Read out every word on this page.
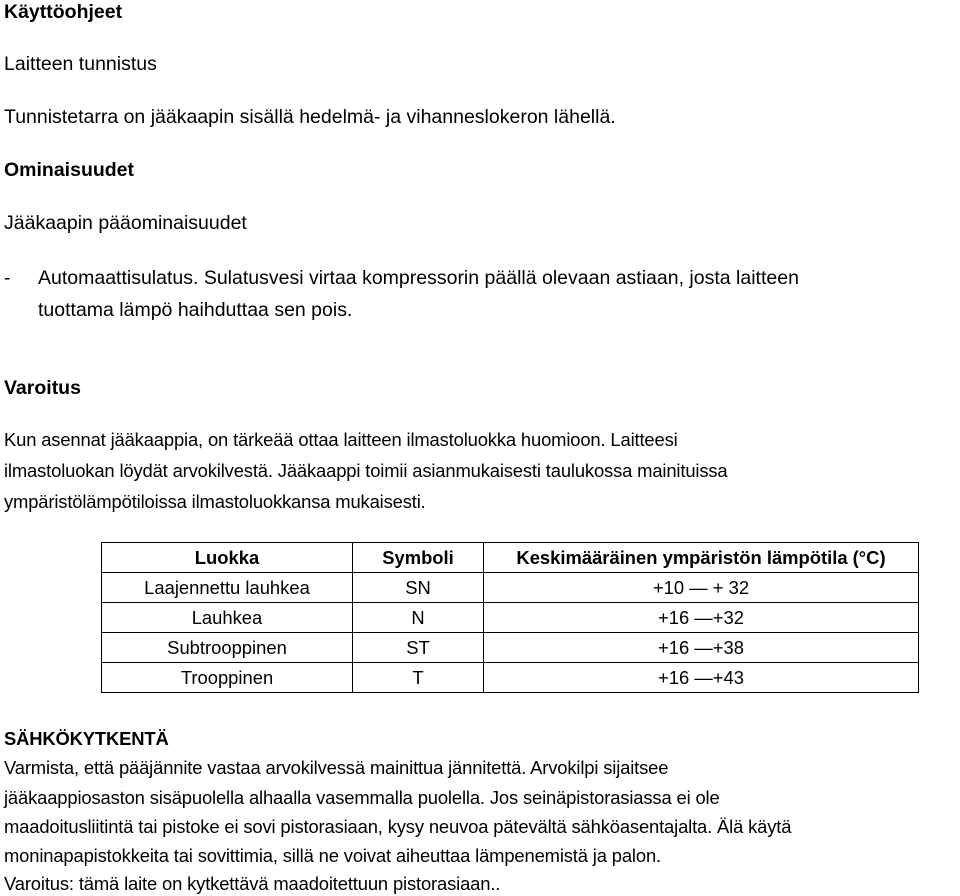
Käyttöohjeet
Laitteen tunnistus
Tunnistetarra on jääkaapin sisällä hedelmä- ja vihanneslokeron lähellä.
Ominaisuudet
Jääkaapin pääominaisuudet
- Automaattisulatus. Sulatusvesi virtaa kompressorin päällä olevaan astiaan, josta laitteen
tuottama lämpö haihduttaa sen pois.
Varoitus
Kun asennat jääkaappia, on tärkeää ottaa laitteen ilmastoluokka huomioon. Laitteesi
ilmastoluokan löydät arvokilvestä. Jääkaappi toimii asianmukaisesti taulukossa mainituissa
ympäristölämpötiloissa ilmastoluokkansa mukaisesti.
Luokka	Symboli	Keskimääräinen ympäristön lämpötila (°C)
Laajennettu lauhkea	SN	+10 — + 32
Lauhkea	N	+16 —+32
Subtrooppinen	ST	+16 —+38
Trooppinen	T	+16 —+43
SÄHKÖKYTKENTÄ
Varmista, että pääjännite vastaa arvokilvessä mainittua jännitettä. Arvokilpi sijaitsee
jääkaappiosaston sisäpuolella alhaalla vasemmalla puolella. Jos seinäpistorasiassa ei ole
maadoitusliitintä tai pistoke ei sovi pistorasiaan, kysy neuvoa pätevältä sähköasentajalta. Älä käytä
moninapapistokkeita tai sovittimia, sillä ne voivat aiheuttaa lämpenemistä ja palon.
Varoitus: tämä laite on kytkettävä maadoitettuun pistorasiaan..
